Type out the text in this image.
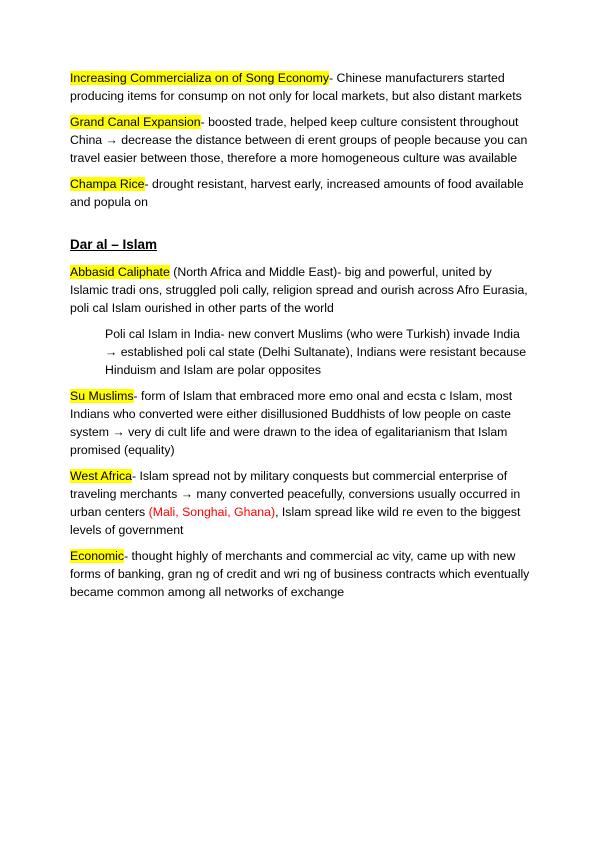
Increasing Commercializa on of Song Economy- Chinese manufacturers started producing items for consump on not only for local markets, but also distant markets

Grand Canal Expansion- boosted trade, helped keep culture consistent throughout China → decrease the distance between di erent groups of people because you can travel easier between those, therefore a more homogeneous culture was available

Champa Rice- drought resistant, harvest early, increased amounts of food available and popula on

Dar al – Islam

Abbasid Caliphate (North Africa and Middle East)- big and powerful, united by Islamic tradi ons, struggled poli cally, religion spread and ourish across Afro Eurasia, poli cal Islam ourished in other parts of the world

Poli cal Islam in India- new convert Muslims (who were Turkish) invade India → established poli cal state (Delhi Sultanate), Indians were resistant because Hinduism and Islam are polar opposites

Su Muslims- form of Islam that embraced more emo onal and ecsta c Islam, most Indians who converted were either disillusioned Buddhists of low people on caste system → very di cult life and were drawn to the idea of egalitarianism that Islam promised (equality)

West Africa- Islam spread not by military conquests but commercial enterprise of traveling merchants → many converted peacefully, conversions usually occurred in urban centers (Mali, Songhai, Ghana), Islam spread like wild re even to the biggest levels of government

Economic- thought highly of merchants and commercial ac vity, came up with new forms of banking, gran ng of credit and wri ng of business contracts which eventually became common among all networks of exchange
